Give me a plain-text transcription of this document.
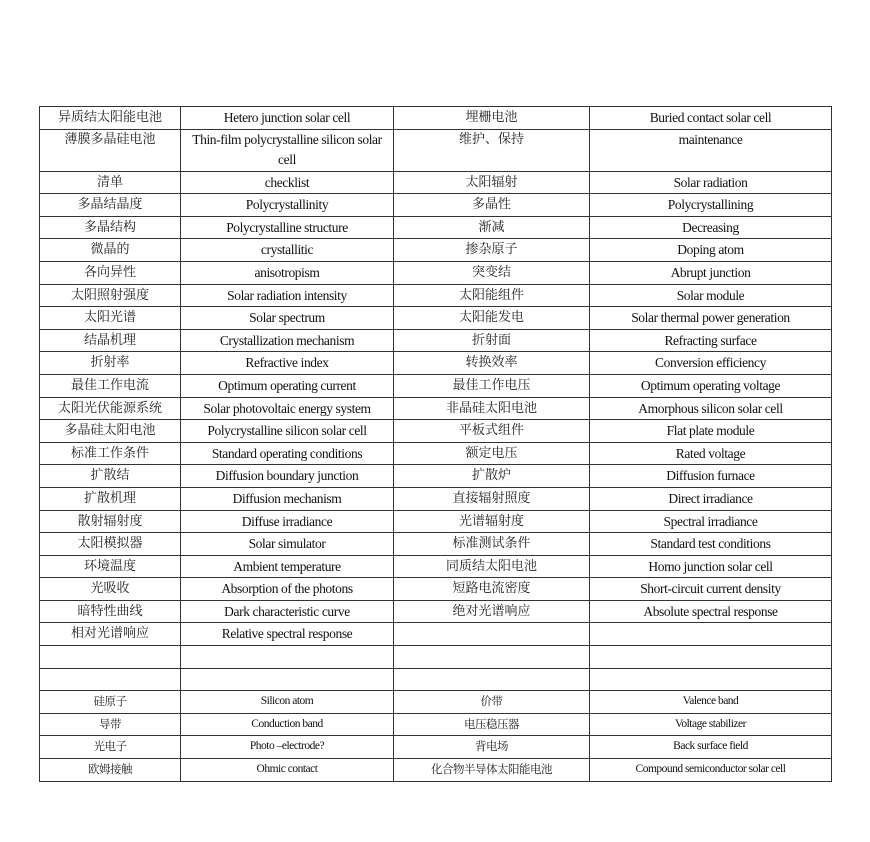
异质结太阳能电池	Hetero junction solar cell	埋栅电池	Buried contact solar cell
薄膜多晶硅电池	Thin-film polycrystalline silicon solar cell	维护、保持	maintenance
清单	checklist	太阳辐射	Solar radiation
多晶结晶度	Polycrystallinity	多晶性	Polycrystallining
多晶结构	Polycrystalline structure	渐减	Decreasing
微晶的	crystallitic	掺杂原子	Doping atom
各向异性	anisotropism	突变结	Abrupt junction
太阳照射强度	Solar radiation intensity	太阳能组件	Solar module
太阳光谱	Solar spectrum	太阳能发电	Solar thermal power generation
结晶机理	Crystallization mechanism	折射面	Refracting surface
折射率	Refractive index	转换效率	Conversion efficiency
最佳工作电流	Optimum operating current	最佳工作电压	Optimum operating voltage
太阳光伏能源系统	Solar photovoltaic energy system	非晶硅太阳电池	Amorphous silicon solar cell
多晶硅太阳电池	Polycrystalline silicon solar cell	平板式组件	Flat plate module
标准工作条件	Standard operating conditions	额定电压	Rated voltage
扩散结	Diffusion boundary junction	扩散炉	Diffusion furnace
扩散机理	Diffusion mechanism	直接辐射照度	Direct irradiance
散射辐射度	Diffuse irradiance	光谱辐射度	Spectral irradiance
太阳模拟器	Solar simulator	标准测试条件	Standard test conditions
环境温度	Ambient temperature	同质结太阳电池	Homo junction solar cell
光吸收	Absorption of the photons	短路电流密度	Short-circuit current density
暗特性曲线	Dark characteristic curve	绝对光谱响应	Absolute spectral response
相对光谱响应	Relative spectral response		

硅原子	Silicon atom	价带	Valence band
导带	Conduction band	电压稳压器	Voltage stabilizer
光电子	Photo –electrode?	背电场	Back surface field
欧姆接触	Ohmic contact	化合物半导体太阳能电池	Compound semiconductor solar cell
